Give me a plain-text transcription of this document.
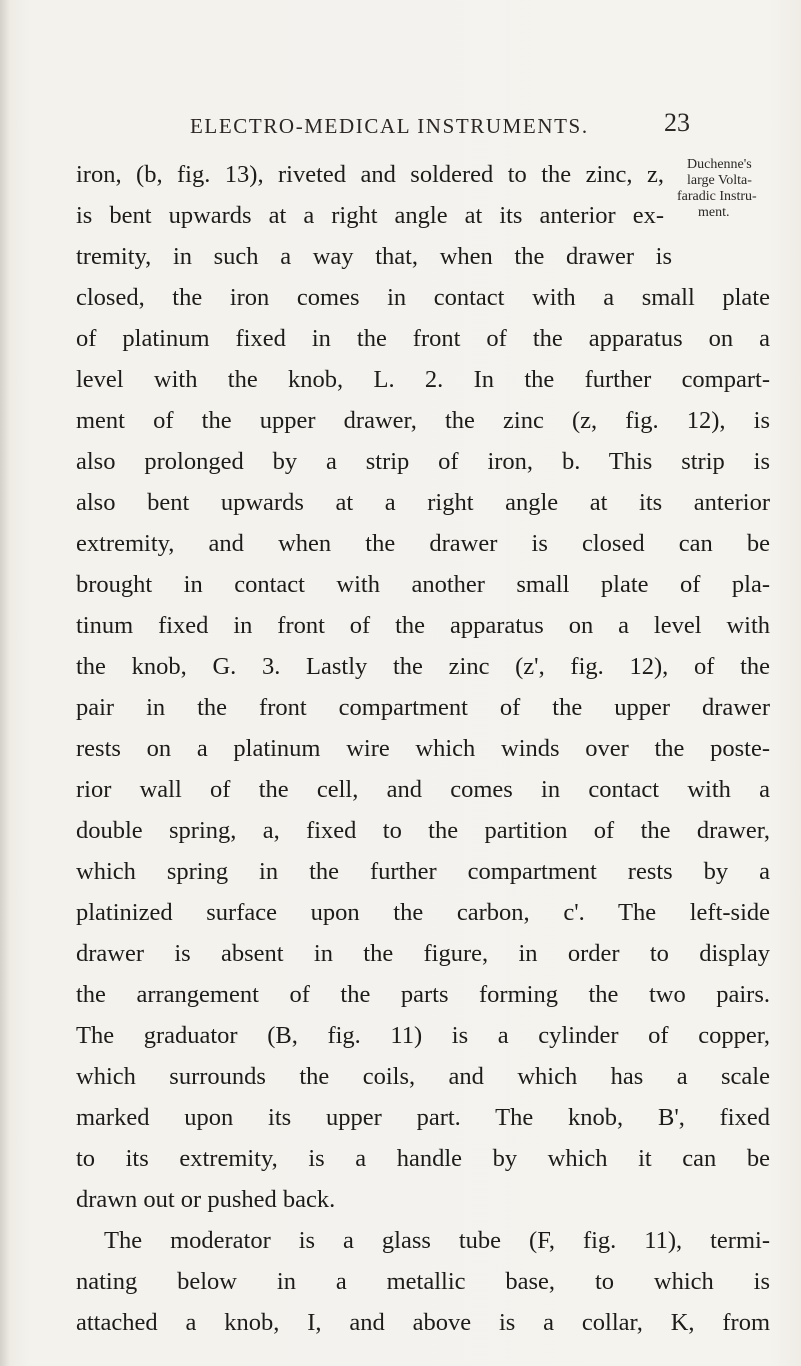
ELECTRO-MEDICAL INSTRUMENTS.	23
Duchenne's
large Volta-
faradic Instru-
ment.
iron, (b, fig. 13), riveted and soldered to the zinc, z,
is bent upwards at a right angle at its anterior ex-
tremity, in such a way that, when the drawer is
closed, the iron comes in contact with a small plate
of platinum fixed in the front of the apparatus on a
level with the knob, L. 2. In the further compart-
ment of the upper drawer, the zinc (z, fig. 12), is
also prolonged by a strip of iron, b. This strip is
also bent upwards at a right angle at its anterior
extremity, and when the drawer is closed can be
brought in contact with another small plate of pla-
tinum fixed in front of the apparatus on a level with
the knob, G. 3. Lastly the zinc (z', fig. 12), of the
pair in the front compartment of the upper drawer
rests on a platinum wire which winds over the poste-
rior wall of the cell, and comes in contact with a
double spring, a, fixed to the partition of the drawer,
which spring in the further compartment rests by a
platinized surface upon the carbon, c'. The left-side
drawer is absent in the figure, in order to display
the arrangement of the parts forming the two pairs.
The graduator (B, fig. 11) is a cylinder of copper,
which surrounds the coils, and which has a scale
marked upon its upper part. The knob, B', fixed
to its extremity, is a handle by which it can be
drawn out or pushed back.
The moderator is a glass tube (F, fig. 11), termi-
nating below in a metallic base, to which is
attached a knob, I, and above is a collar, K, from
